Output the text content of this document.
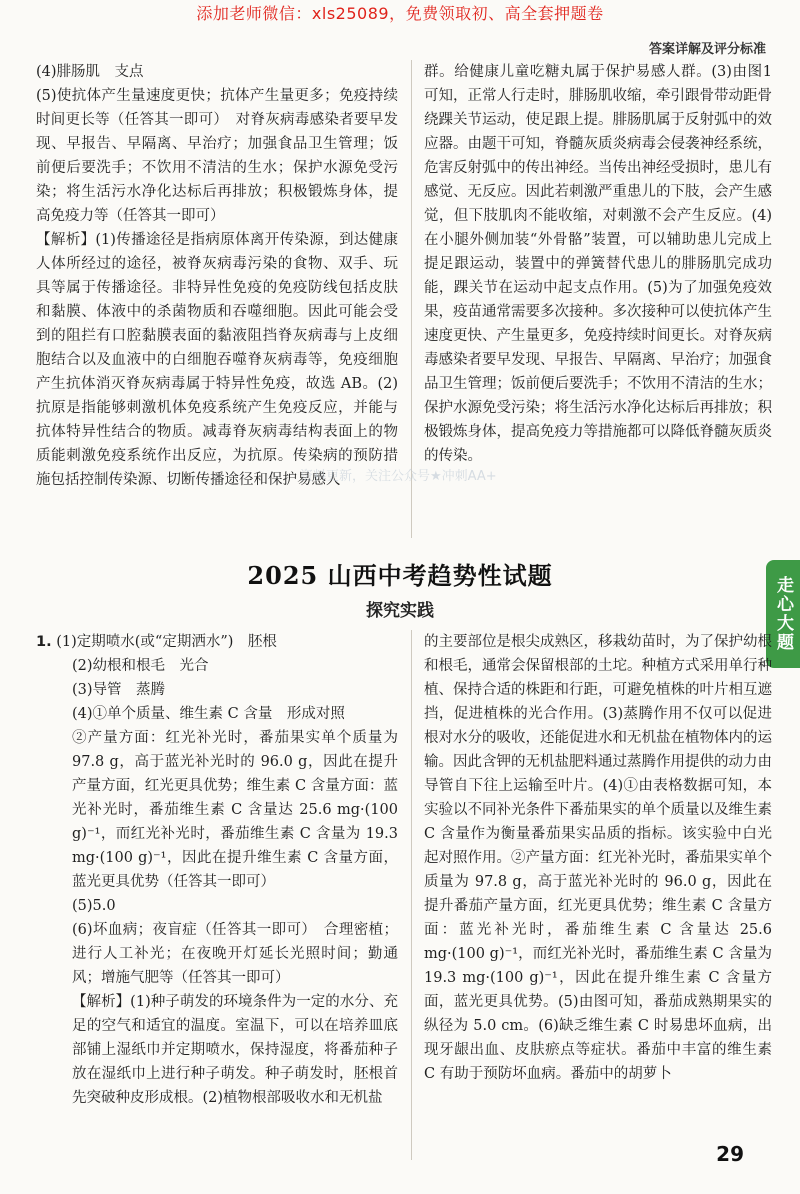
添加老师微信：xls25089，免费领取初、高全套押题卷
答案详解及评分标准

(4)腓肠肌　支点

(5)使抗体产生量速度更快；抗体产生量更多；免疫持续时间更长等（任答其一即可）　对脊灰病毒感染者要早发现、早报告、早隔离、早治疗；加强食品卫生管理；饭前便后要洗手；不饮用不清洁的生水；保护水源免受污染；将生活污水净化达标后再排放；积极锻炼身体，提高免疫力等（任答其一即可）

【解析】(1)传播途径是指病原体离开传染源，到达健康人体所经过的途径，被脊灰病毒污染的食物、双手、玩具等属于传播途径。非特异性免疫的免疫防线包括皮肤和黏膜、体液中的杀菌物质和吞噬细胞。因此可能会受到的阻拦有口腔黏膜表面的黏液阻挡脊灰病毒与上皮细胞结合以及血液中的白细胞吞噬脊灰病毒等，免疫细胞产生抗体消灭脊灰病毒属于特异性免疫，故选 AB。(2)抗原是指能够刺激机体免疫系统产生免疫反应，并能与抗体特异性结合的物质。减毒脊灰病毒结构表面上的物质能刺激免疫系统作出反应，为抗原。传染病的预防措施包括控制传染源、切断传播途径和保护易感人

群。给健康儿童吃糖丸属于保护易感人群。(3)由图1可知，正常人行走时，腓肠肌收缩，牵引跟骨带动距骨绕踝关节运动，使足跟上提。腓肠肌属于反射弧中的效应器。由题干可知，脊髓灰质炎病毒会侵袭神经系统，危害反射弧中的传出神经。当传出神经受损时，患儿有感觉、无反应。因此若刺激严重患儿的下肢，会产生感觉，但下肢肌肉不能收缩，对刺激不会产生反应。(4)在小腿外侧加装“外骨骼”装置，可以辅助患儿完成上提足跟运动，装置中的弹簧替代患儿的腓肠肌完成功能，踝关节在运动中起支点作用。(5)为了加强免疫效果，疫苗通常需要多次接种。多次接种可以使抗体产生速度更快、产生量更多，免疫持续时间更长。对脊灰病毒感染者要早发现、早报告、早隔离、早治疗；加强食品卫生管理；饭前便后要洗手；不饮用不清洁的生水；保护水源免受污染；将生活污水净化达标后再排放；积极锻炼身体，提高免疫力等措施都可以降低脊髓灰质炎的传染。

资料更新，关注公众号★冲刺AA+
2025 山西中考趋势性试题
探究实践	走心大题

1. (1)定期喷水(或“定期洒水”)　胚根

(2)幼根和根毛　光合

(3)导管　蒸腾

(4)①单个质量、维生素 C 含量　形成对照

②产量方面：红光补光时，番茄果实单个质量为 97.8 g，高于蓝光补光时的 96.0 g，因此在提升产量方面，红光更具优势；维生素 C 含量方面：蓝光补光时，番茄维生素 C 含量达 25.6 mg·(100 g)⁻¹，而红光补光时，番茄维生素 C 含量为 19.3 mg·(100 g)⁻¹，因此在提升维生素 C 含量方面，蓝光更具优势（任答其一即可）

(5)5.0

(6)坏血病；夜盲症（任答其一即可）　合理密植；进行人工补光；在夜晚开灯延长光照时间；勤通风；增施气肥等（任答其一即可）

【解析】(1)种子萌发的环境条件为一定的水分、充足的空气和适宜的温度。室温下，可以在培养皿底部铺上湿纸巾并定期喷水，保持湿度，将番茄种子放在湿纸巾上进行种子萌发。种子萌发时，胚根首先突破种皮形成根。(2)植物根部吸收水和无机盐

的主要部位是根尖成熟区，移栽幼苗时，为了保护幼根和根毛，通常会保留根部的土坨。种植方式采用单行种植、保持合适的株距和行距，可避免植株的叶片相互遮挡，促进植株的光合作用。(3)蒸腾作用不仅可以促进根对水分的吸收，还能促进水和无机盐在植物体内的运输。因此含钾的无机盐肥料通过蒸腾作用提供的动力由导管自下往上运输至叶片。(4)①由表格数据可知，本实验以不同补光条件下番茄果实的单个质量以及维生素 C 含量作为衡量番茄果实品质的指标。该实验中白光起对照作用。②产量方面：红光补光时，番茄果实单个质量为 97.8 g，高于蓝光补光时的 96.0 g，因此在提升番茄产量方面，红光更具优势；维生素 C 含量方面：蓝光补光时，番茄维生素 C 含量达 25.6 mg·(100 g)⁻¹，而红光补光时，番茄维生素 C 含量为 19.3 mg·(100 g)⁻¹，因此在提升维生素 C 含量方面，蓝光更具优势。(5)由图可知，番茄成熟期果实的纵径为 5.0 cm。(6)缺乏维生素 C 时易患坏血病，出现牙龈出血、皮肤瘀点等症状。番茄中丰富的维生素 C 有助于预防坏血病。番茄中的胡萝卜

29
